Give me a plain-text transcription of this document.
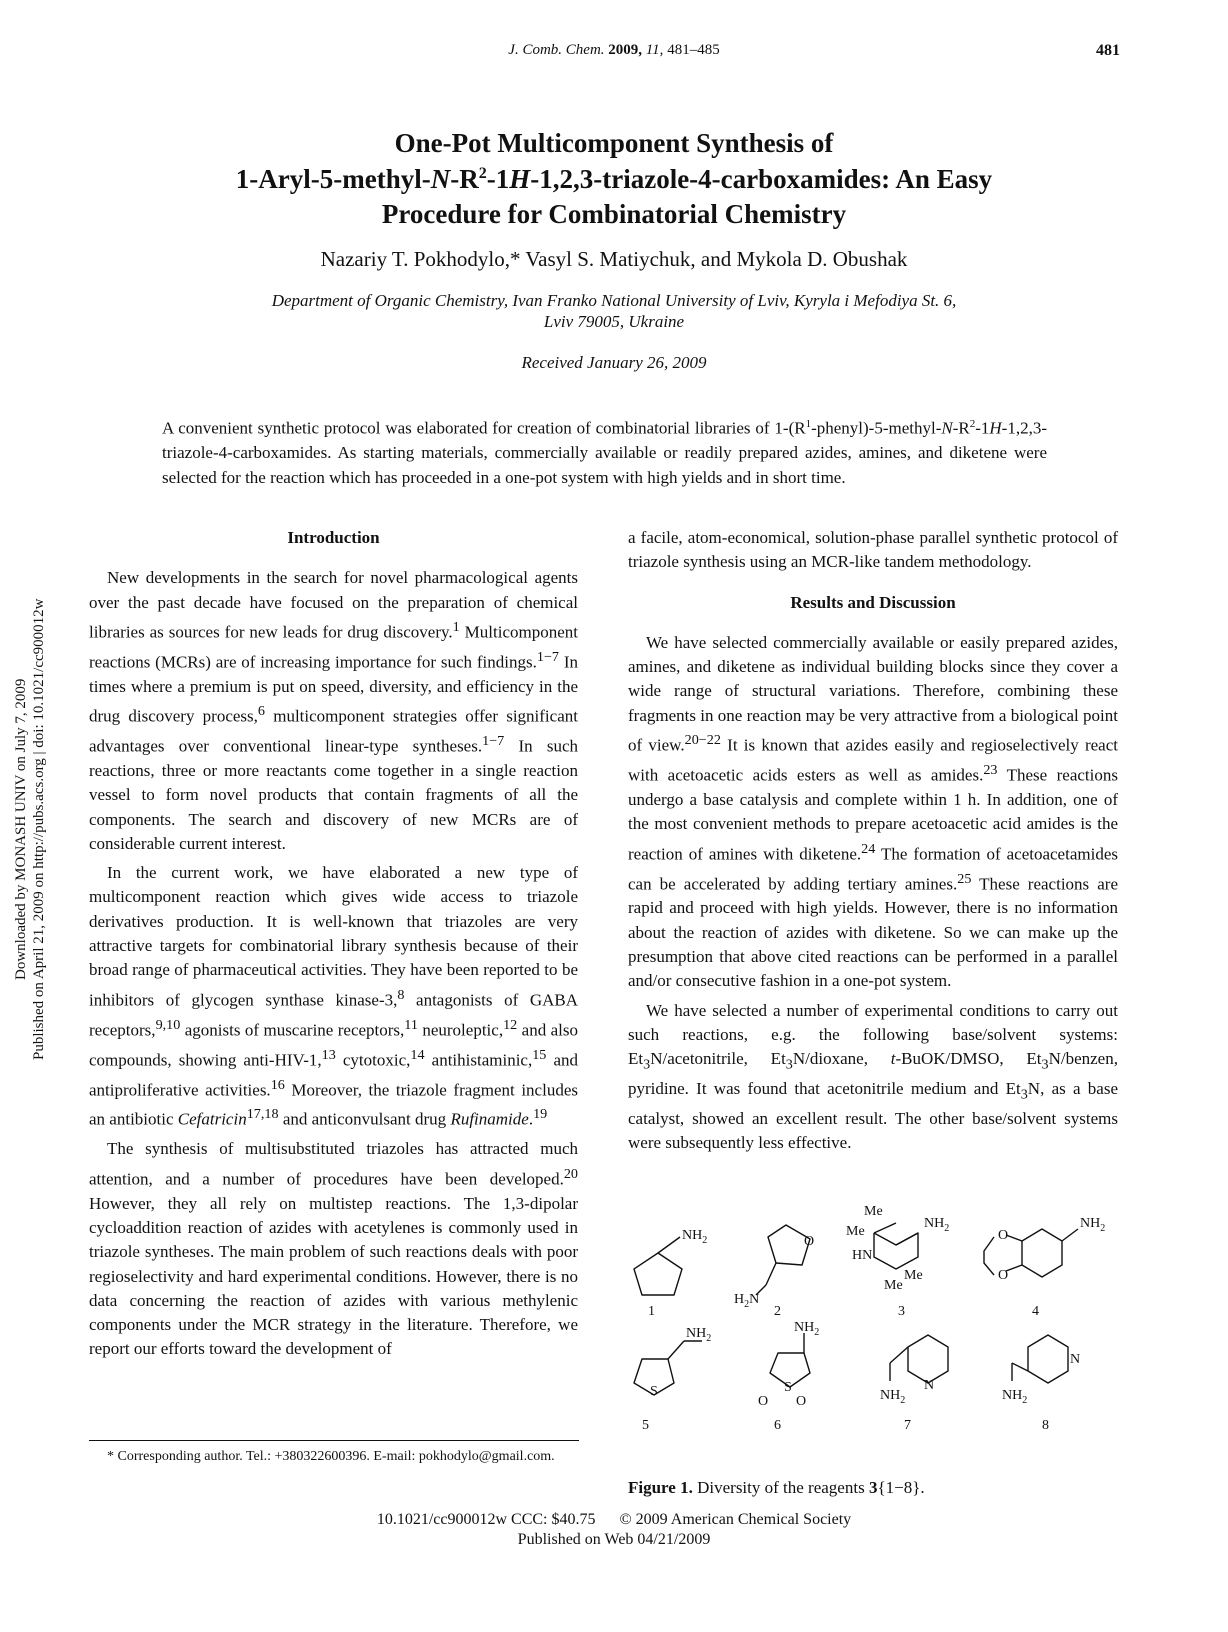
J. Comb. Chem. 2009, 11, 481–485	481
Downloaded by MONASH UNIV on July 7, 2009 Published on April 21, 2009 on http://pubs.acs.org | doi: 10.1021/cc900012w
One-Pot Multicomponent Synthesis of
$1-Aryl-5-methyl-N-R^2-1H-1,2,3-triazole-4$-carboxamides: An Easy
Procedure for Combinatorial Chemistry
Nazariy T. Pokhodylo,* Vasyl S. Matiychuk, and Mykola D. Obushak
Department of Organic Chemistry, Ivan Franko National University of Lviv, Kyryla i Mefodiya St. 6,
Lviv 79005, Ukraine
Received January 26, 2009
A convenient synthetic protocol was elaborated for creation of combinatorial libraries of $1-(R^1-phenyl)-5-methyl-N-R^2-1H-1,2,3-triazole-4$-carboxamides. As starting materials, commercially available or readily prepared azides, amines, and diketene were selected for the reaction which has proceeded in a one-pot system with high yields and in short time.
Introduction

New developments in the search for novel pharmacological agents over the past decade have focused on the preparation of chemical libraries as sources for new leads for drug discovery.$^1$ Multicomponent reactions (MCRs) are of increasing importance for such findings.$^{1-7}$ In times where a premium is put on speed, diversity, and efficiency in the drug discovery process,$^6$ multicomponent strategies offer significant advantages over conventional linear-type syntheses.$^{1-7}$ In such reactions, three or more reactants come together in a single reaction vessel to form novel products that contain fragments of all the components. The search and discovery of new MCRs are of considerable current interest.

In the current work, we have elaborated a new type of multicomponent reaction which gives wide access to triazole derivatives production. It is well-known that triazoles are very attractive targets for combinatorial library synthesis because of their broad range of pharmaceutical activities. They have been reported to be inhibitors of glycogen synthase kinase-3,$^8$ antagonists of GABA receptors,$^{9,10}$ agonists of muscarine receptors,$^{11}$ neuroleptic,$^{12}$ and also compounds, showing anti-HIV-1,13 cytotoxic,$^{14}$ antihistaminic,$^{15}$ and antiproliferative activities.$^{16}$ Moreover, the triazole fragment includes an antibiotic Cefatricin$^{17,18}$ and anticonvulsant drug Rufinamide.$^{19}$

The synthesis of multisubstituted triazoles has attracted much attention, and a number of procedures have been developed.$^{20}$ However, they all rely on multistep reactions. The 1,3-dipolar cycloaddition reaction of azides with acetylenes is commonly used in triazole syntheses. The main problem of such reactions deals with poor regioselectivity and hard experimental conditions. However, there is no data concerning the reaction of azides with various methylenic components under the MCR strategy in the literature. Therefore, we report our efforts toward the development of

a facile, atom-economical, solution-phase parallel synthetic protocol of triazole synthesis using an MCR-like tandem methodology.

Results and Discussion

We have selected commercially available or easily prepared azides, amines, and diketene as individual building blocks since they cover a wide range of structural variations. Therefore, combining these fragments in one reaction may be very attractive from a biological point of view.$^{20-22}$ It is known that azides easily and regioselectively react with acetoacetic acids esters as well as amides.$^{23}$ These reactions undergo a base catalysis and complete within 1 h. In addition, one of the most convenient methods to prepare acetoacetic acid amides is the reaction of amines with diketene.$^{24}$ The formation of acetoacetamides can be accelerated by adding tertiary amines.$^{25}$ These reactions are rapid and proceed with high yields. However, there is no information about the reaction of azides with diketene. So we can make up the presumption that above cited reactions can be performed in a parallel and/or consecutive fashion in a one-pot system.

We have selected a number of experimental conditions to carry out such reactions, e.g. the following base/solvent systems: $Et_3N$/acetonitrile, $Et_3N$/dioxane, t-BuOK/DMSO, $Et_3N$/benzen, pyridine. It was found that acetonitrile medium and $Et_3N$, as a base catalyst, showed an excellent result. The other base/solvent systems were subsequently less effective.

$NH_2$
1
O
$H_2N$
2
Me
Me
$NH_2$
HN
Me
Me
3
$NH_2$
O
O
4
S
$NH_2$
5
$NH_2$
S
O O
6
N
$NH_2$
7
N
$NH_2$
8
Figure 1. Diversity of the reagents 3{1−8}.
* Corresponding author. Tel.: +380322600396. E-mail: pokhodylo@gmail.com.
10.1021/cc900012w CCC: $40.75 © 2009 American Chemical Society
Published on Web 04/21/2009
